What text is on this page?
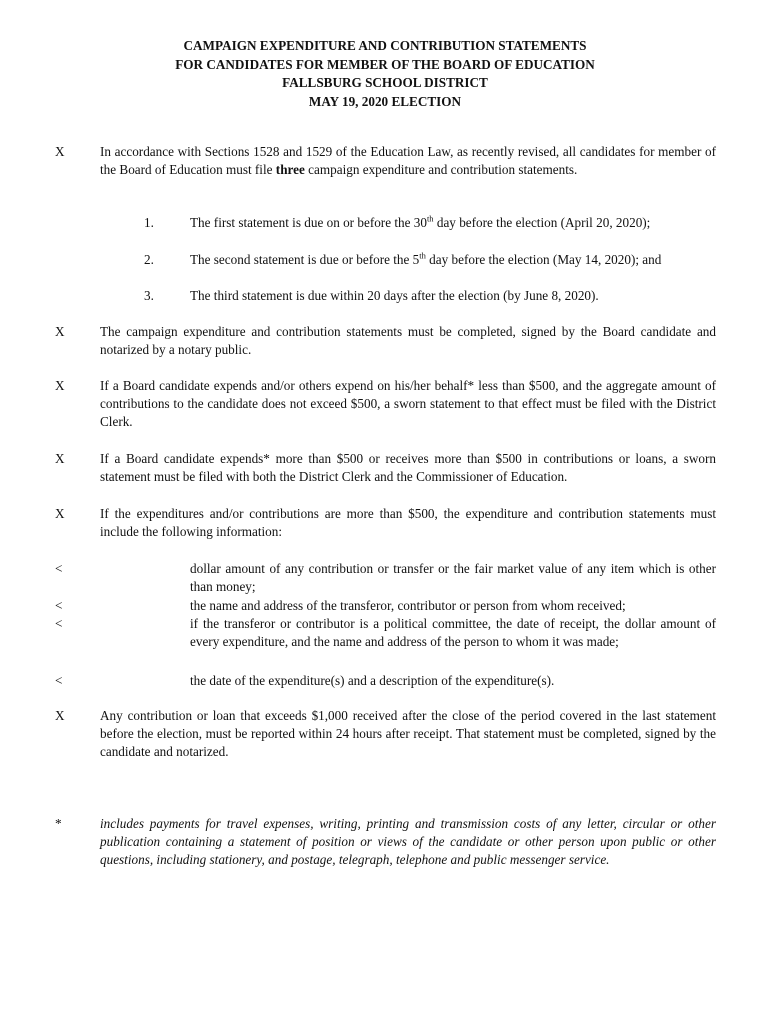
CAMPAIGN EXPENDITURE AND CONTRIBUTION STATEMENTS
FOR CANDIDATES FOR MEMBER OF THE BOARD OF EDUCATION
FALLSBURG SCHOOL DISTRICT
MAY 19, 2020 ELECTION
X	In accordance with Sections 1528 and 1529 of the Education Law, as recently revised, all candidates for member of the Board of Education must file three campaign expenditure and contribution statements.
1.	The first statement is due on or before the 30th day before the election (April 20, 2020);
2.	The second statement is due or before the 5th day before the election (May 14, 2020); and
3.	The third statement is due within 20 days after the election (by June 8, 2020).
X	The campaign expenditure and contribution statements must be completed, signed by the Board candidate and notarized by a notary public.
X	If a Board candidate expends and/or others expend on his/her behalf* less than $500, and the aggregate amount of contributions to the candidate does not exceed $500, a sworn statement to that effect must be filed with the District Clerk.
X	If a Board candidate expends* more than $500 or receives more than $500 in contributions or loans, a sworn statement must be filed with both the District Clerk and the Commissioner of Education.
X	If the expenditures and/or contributions are more than $500, the expenditure and contribution statements must include the following information:
<	dollar amount of any contribution or transfer or the fair market value of any item which is other than money;
<	the name and address of the transferor, contributor or person from whom received;
<	if the transferor or contributor is a political committee, the date of receipt, the dollar amount of every expenditure, and the name and address of the person to whom it was made;
<	the date of the expenditure(s) and a description of the expenditure(s).
X	Any contribution or loan that exceeds $1,000 received after the close of the period covered in the last statement before the election, must be reported within 24 hours after receipt. That statement must be completed, signed by the candidate and notarized.
*	includes payments for travel expenses, writing, printing and transmission costs of any letter, circular or other publication containing a statement of position or views of the candidate or other person upon public or other questions, including stationery, and postage, telegraph, telephone and public messenger service.
